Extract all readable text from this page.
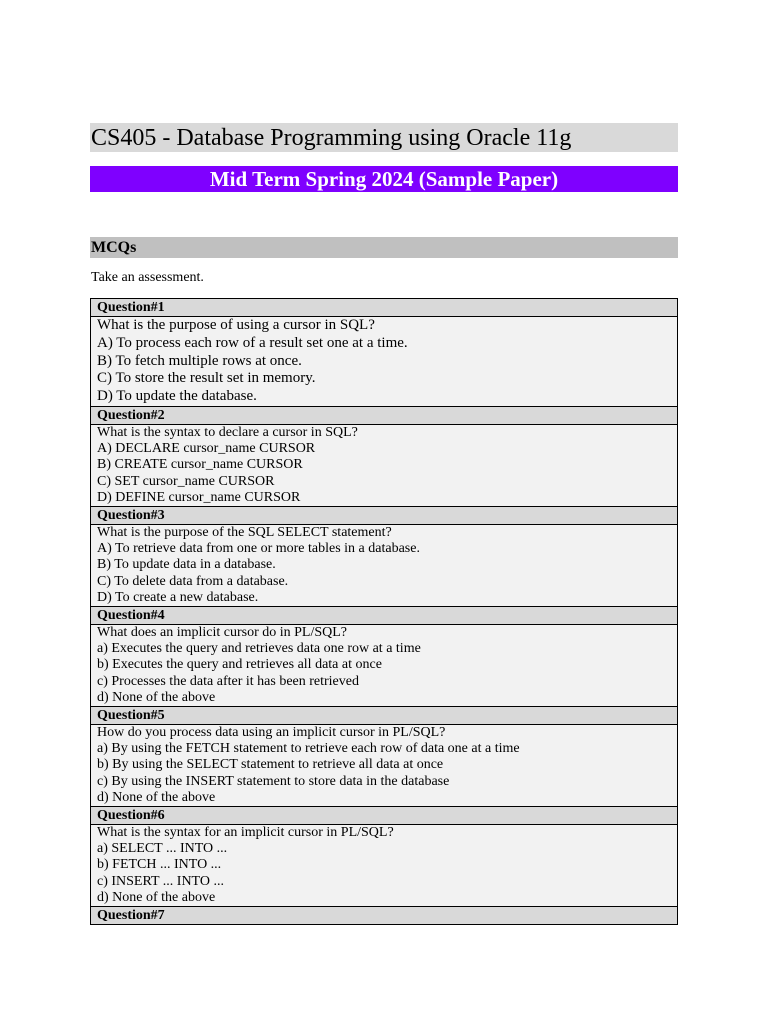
CS405 - Database Programming using Oracle 11g
Mid Term Spring 2024 (Sample Paper)
MCQs
Take an assessment.
Question#1
What is the purpose of using a cursor in SQL?
A) To process each row of a result set one at a time.
B) To fetch multiple rows at once.
C) To store the result set in memory.
D) To update the database.
Question#2
What is the syntax to declare a cursor in SQL?
A) DECLARE cursor_name CURSOR
B) CREATE cursor_name CURSOR
C) SET cursor_name CURSOR
D) DEFINE cursor_name CURSOR
Question#3
What is the purpose of the SQL SELECT statement?
A) To retrieve data from one or more tables in a database.
B) To update data in a database.
C) To delete data from a database.
D) To create a new database.
Question#4
What does an implicit cursor do in PL/SQL?
a) Executes the query and retrieves data one row at a time
b) Executes the query and retrieves all data at once
c) Processes the data after it has been retrieved
d) None of the above
Question#5
How do you process data using an implicit cursor in PL/SQL?
a) By using the FETCH statement to retrieve each row of data one at a time
b) By using the SELECT statement to retrieve all data at once
c) By using the INSERT statement to store data in the database
d) None of the above
Question#6
What is the syntax for an implicit cursor in PL/SQL?
a) SELECT ... INTO ...
b) FETCH ... INTO ...
c) INSERT ... INTO ...
d) None of the above
Question#7
